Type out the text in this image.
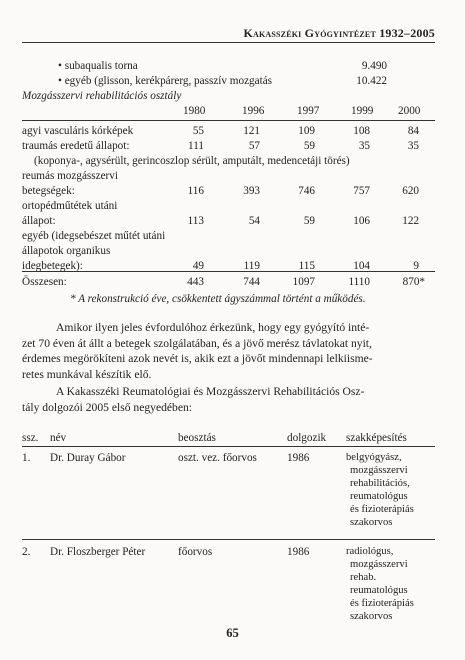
Kakasszéki Gyógyintézet 1932–2005
• subaqualis torna	9.490
• egyéb (glisson, kerékpárerg, passzív mozgatás	10.422
Mozgásszervi rehabilitációs osztály
1980	1996	1997	1999 2000
agyi vasculáris kórképek	55	121	109	108	84
traumás eredetű állapot:	111	57	59	35	35
(koponya-, agysérült, gerincoszlop sérült, amputált, medencetáji törés)
reumás mozgásszervi
betegségek:	116	393	746	757	620
ortopédműtétek utáni
állapot:	113	54	59	106	122
egyéb (idegsebészet műtét utáni
állapotok organikus
idegbetegek):	49	119	115	104	9
Összesen:	443	744	1097	1110	870*
* A rekonstrukció éve, csökkentett ágyszámmal történt a működés.
Amikor ilyen jeles évfordulóhoz érkezünk, hogy egy gyógyító inté-
zet 70 éven át állt a betegek szolgálatában, és a jövő merész távlatokat nyit,
érdemes megörökíteni azok nevét is, akik ezt a jövőt mindennapi lelkiisme-
retes munkával készítik elő.
A Kakasszéki Reumatológiai és Mozgásszervi Rehabilitációs Osz-
tály dolgozói 2005 első negyedében:
ssz. név	beosztás	dolgozik szakképesítés
1. Dr. Duray Gábor	oszt. vez. főorvos	1986	belgyógyász,
mozgásszervi
rehabilitációs,
reumatológus
és fizioterápiás
szakorvos
2. Dr. Floszberger Péter	főorvos	1986	radiológus,
mozgásszervi
rehab.
reumatológus
és fizioterápiás
szakorvos
65
